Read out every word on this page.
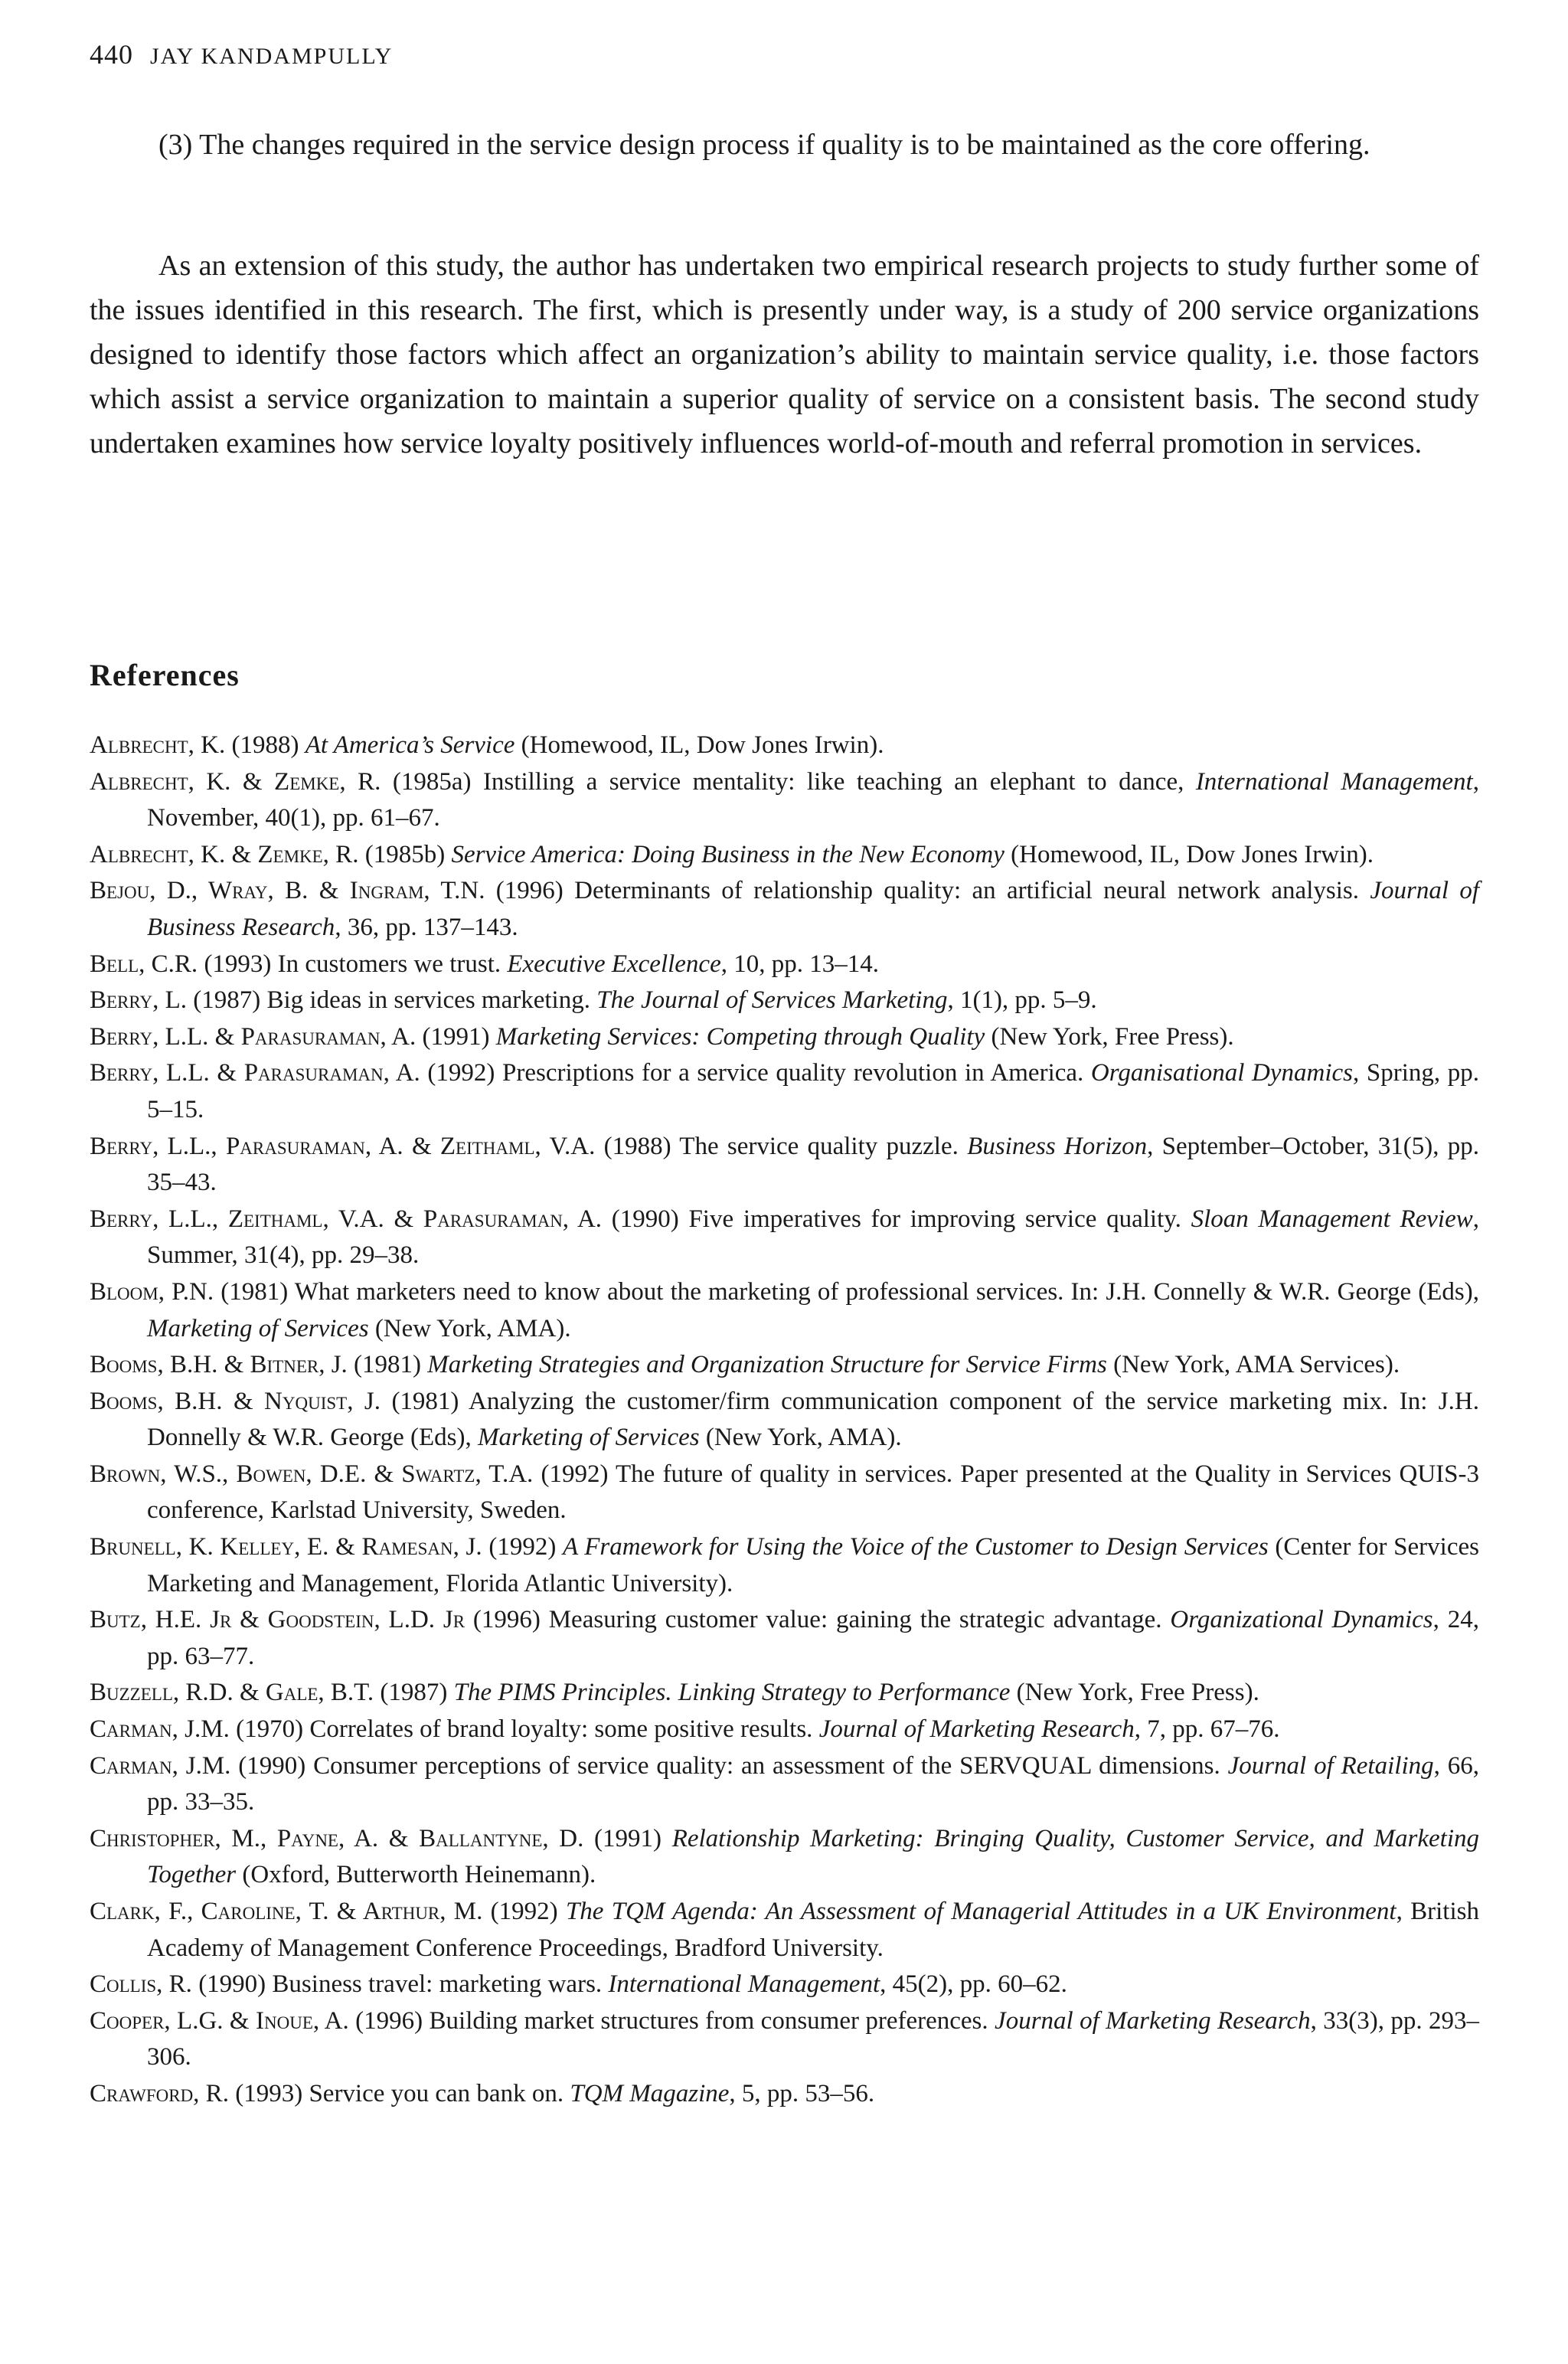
440 JAY KANDAMPULLY
(3) The changes required in the service design process if quality is to be maintained as the core offering.
As an extension of this study, the author has undertaken two empirical research projects to study further some of the issues identified in this research. The first, which is presently under way, is a study of 200 service organizations designed to identify those factors which affect an organization’s ability to maintain service quality, i.e. those factors which assist a service organization to maintain a superior quality of service on a consistent basis. The second study undertaken examines how service loyalty positively influences world-of-mouth and referral promotion in services.
References
Albrecht, K. (1988) At America’s Service (Homewood, IL, Dow Jones Irwin).
Albrecht, K. & Zemke, R. (1985a) Instilling a service mentality: like teaching an elephant to dance, International Management, November, 40(1), pp. 61–67.
Albrecht, K. & Zemke, R. (1985b) Service America: Doing Business in the New Economy (Homewood, IL, Dow Jones Irwin).
Bejou, D., Wray, B. & Ingram, T.N. (1996) Determinants of relationship quality: an artificial neural network analysis. Journal of Business Research, 36, pp. 137–143.
Bell, C.R. (1993) In customers we trust. Executive Excellence, 10, pp. 13–14.
Berry, L. (1987) Big ideas in services marketing. The Journal of Services Marketing, 1(1), pp. 5–9.
Berry, L.L. & Parasuraman, A. (1991) Marketing Services: Competing through Quality (New York, Free Press).
Berry, L.L. & Parasuraman, A. (1992) Prescriptions for a service quality revolution in America. Organisational Dynamics, Spring, pp. 5–15.
Berry, L.L., Parasuraman, A. & Zeithaml, V.A. (1988) The service quality puzzle. Business Horizon, September–October, 31(5), pp. 35–43.
Berry, L.L., Zeithaml, V.A. & Parasuraman, A. (1990) Five imperatives for improving service quality. Sloan Management Review, Summer, 31(4), pp. 29–38.
Bloom, P.N. (1981) What marketers need to know about the marketing of professional services. In: J.H. Connelly & W.R. George (Eds), Marketing of Services (New York, AMA).
Booms, B.H. & Bitner, J. (1981) Marketing Strategies and Organization Structure for Service Firms (New York, AMA Services).
Booms, B.H. & Nyquist, J. (1981) Analyzing the customer/firm communication component of the service marketing mix. In: J.H. Donnelly & W.R. George (Eds), Marketing of Services (New York, AMA).
Brown, W.S., Bowen, D.E. & Swartz, T.A. (1992) The future of quality in services. Paper presented at the Quality in Services QUIS-3 conference, Karlstad University, Sweden.
Brunell, K. Kelley, E. & Ramesan, J. (1992) A Framework for Using the Voice of the Customer to Design Services (Center for Services Marketing and Management, Florida Atlantic University).
Butz, H.E. Jr & Goodstein, L.D. Jr (1996) Measuring customer value: gaining the strategic advantage. Organizational Dynamics, 24, pp. 63–77.
Buzzell, R.D. & Gale, B.T. (1987) The PIMS Principles. Linking Strategy to Performance (New York, Free Press).
Carman, J.M. (1970) Correlates of brand loyalty: some positive results. Journal of Marketing Research, 7, pp. 67–76.
Carman, J.M. (1990) Consumer perceptions of service quality: an assessment of the SERVQUAL dimensions. Journal of Retailing, 66, pp. 33–35.
Christopher, M., Payne, A. & Ballantyne, D. (1991) Relationship Marketing: Bringing Quality, Customer Service, and Marketing Together (Oxford, Butterworth Heinemann).
Clark, F., Caroline, T. & Arthur, M. (1992) The TQM Agenda: An Assessment of Managerial Attitudes in a UK Environment, British Academy of Management Conference Proceedings, Bradford University.
Collis, R. (1990) Business travel: marketing wars. International Management, 45(2), pp. 60–62.
Cooper, L.G. & Inoue, A. (1996) Building market structures from consumer preferences. Journal of Marketing Research, 33(3), pp. 293–306.
Crawford, R. (1993) Service you can bank on. TQM Magazine, 5, pp. 53–56.
